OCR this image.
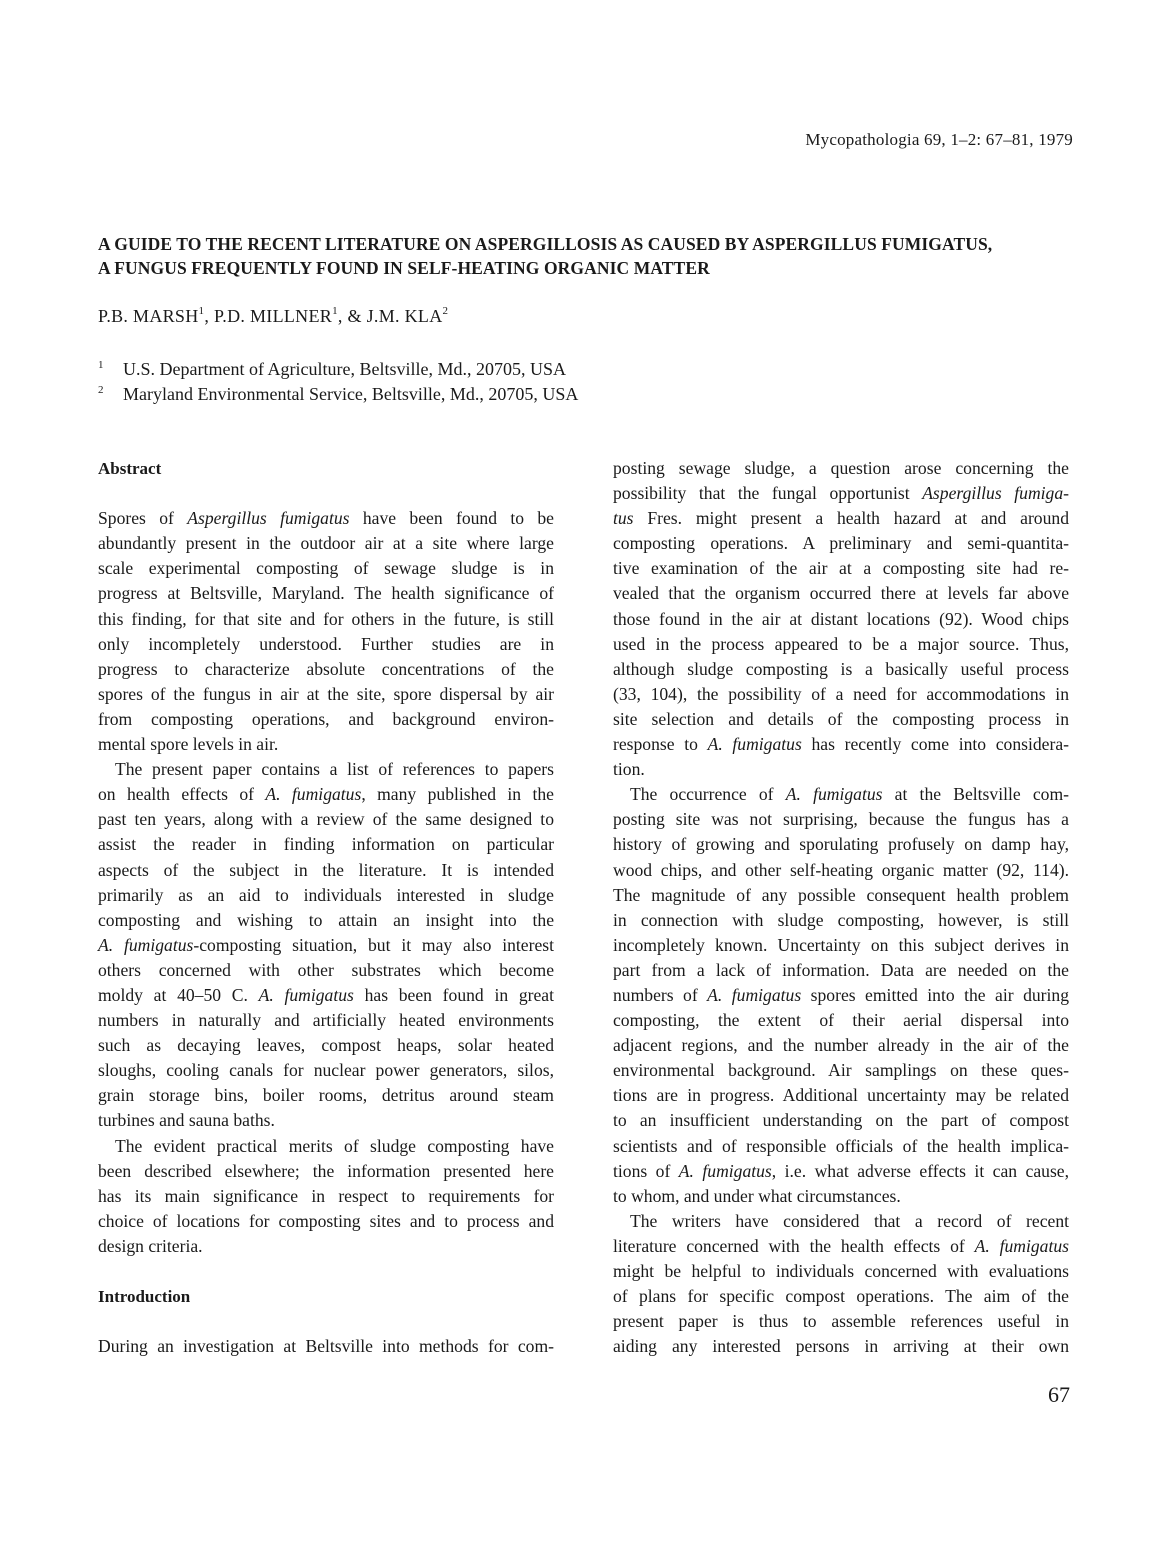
Mycopathologia 69, 1–2: 67–81, 1979
A GUIDE TO THE RECENT LITERATURE ON ASPERGILLOSIS AS CAUSED BY ASPERGILLUS FUMIGATUS,
A FUNGUS FREQUENTLY FOUND IN SELF-HEATING ORGANIC MATTER
P.B. MARSH$^1$, P.D. MILLNER$^1$, & J.M. KLA$^2$
1	U.S. Department of Agriculture, Beltsville, Md., 20705, USA
2	Maryland Environmental Service, Beltsville, Md., 20705, USA
Abstract
Spores of Aspergillus fumigatus have been found to be
abundantly present in the outdoor air at a site where large
scale experimental composting of sewage sludge is in
progress at Beltsville, Maryland. The health significance of
this finding, for that site and for others in the future, is still
only incompletely understood. Further studies are in
progress to characterize absolute concentrations of the
spores of the fungus in air at the site, spore dispersal by air
from composting operations, and background environ-
mental spore levels in air.
The present paper contains a list of references to papers
on health effects of A. fumigatus, many published in the
past ten years, along with a review of the same designed to
assist the reader in finding information on particular
aspects of the subject in the literature. It is intended
primarily as an aid to individuals interested in sludge
composting and wishing to attain an insight into the
A. fumigatus-composting situation, but it may also interest
others concerned with other substrates which become
moldy at 40–50 C. A. fumigatus has been found in great
numbers in naturally and artificially heated environments
such as decaying leaves, compost heaps, solar heated
sloughs, cooling canals for nuclear power generators, silos,
grain storage bins, boiler rooms, detritus around steam
turbines and sauna baths.
The evident practical merits of sludge composting have
been described elsewhere; the information presented here
has its main significance in respect to requirements for
choice of locations for composting sites and to process and
design criteria.
Introduction
During an investigation at Beltsville into methods for com-
posting sewage sludge, a question arose concerning the
possibility that the fungal opportunist Aspergillus fumiga-
tus Fres. might present a health hazard at and around
composting operations. A preliminary and semi-quantita-
tive examination of the air at a composting site had re-
vealed that the organism occurred there at levels far above
those found in the air at distant locations (92). Wood chips
used in the process appeared to be a major source. Thus,
although sludge composting is a basically useful process
(33, 104), the possibility of a need for accommodations in
site selection and details of the composting process in
response to A. fumigatus has recently come into considera-
tion.
The occurrence of A. fumigatus at the Beltsville com-
posting site was not surprising, because the fungus has a
history of growing and sporulating profusely on damp hay,
wood chips, and other self-heating organic matter (92, 114).
The magnitude of any possible consequent health problem
in connection with sludge composting, however, is still
incompletely known. Uncertainty on this subject derives in
part from a lack of information. Data are needed on the
numbers of A. fumigatus spores emitted into the air during
composting, the extent of their aerial dispersal into
adjacent regions, and the number already in the air of the
environmental background. Air samplings on these ques-
tions are in progress. Additional uncertainty may be related
to an insufficient understanding on the part of compost
scientists and of responsible officials of the health implica-
tions of A. fumigatus, i.e. what adverse effects it can cause,
to whom, and under what circumstances.
The writers have considered that a record of recent
literature concerned with the health effects of A. fumigatus
might be helpful to individuals concerned with evaluations
of plans for specific compost operations. The aim of the
present paper is thus to assemble references useful in
aiding any interested persons in arriving at their own
67
